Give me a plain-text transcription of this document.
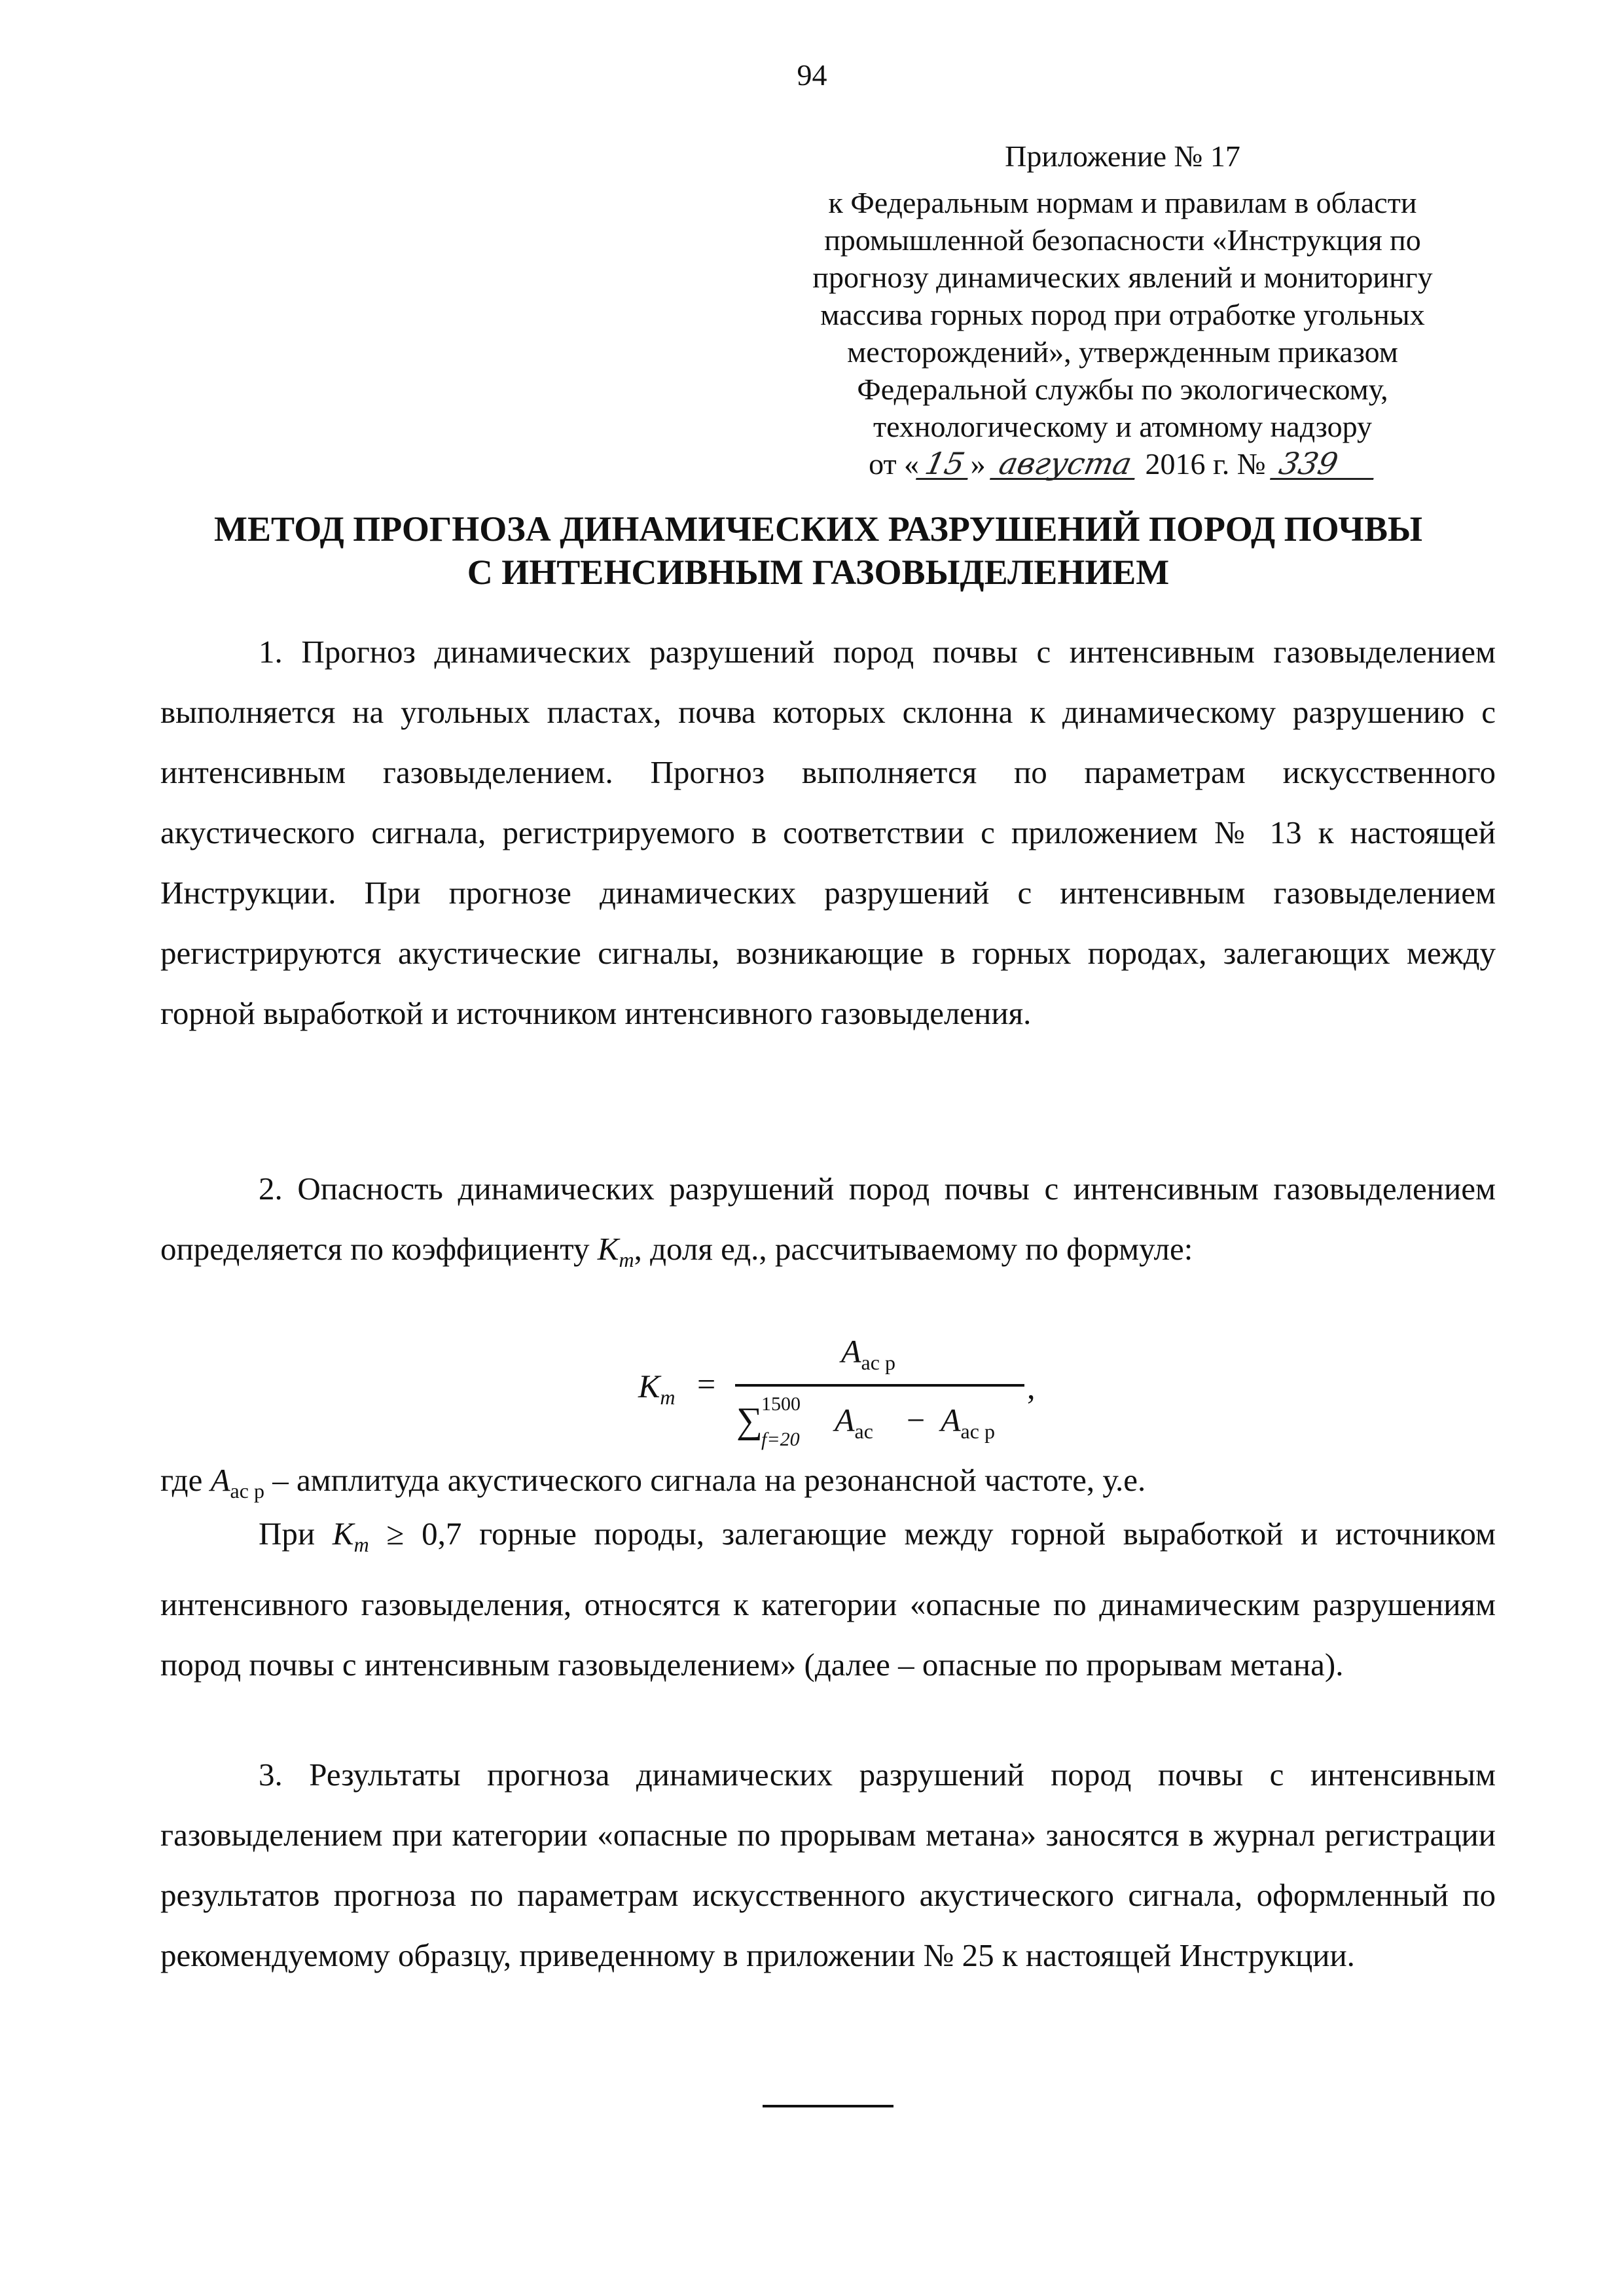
94
Приложение № 17
к Федеральным нормам и правилам в области
промышленной безопасности «Инструкция по
прогнозу динамических явлений и мониторингу
массива горных пород при отработке угольных
месторождений», утвержденным приказом
Федеральной службы по экологическому,
технологическому и атомному надзору
от «15» августа 2016 г. № 339
МЕТОД ПРОГНОЗА ДИНАМИЧЕСКИХ РАЗРУШЕНИЙ ПОРОД ПОЧВЫ
С ИНТЕНСИВНЫМ ГАЗОВЫДЕЛЕНИЕМ

1. Прогноз динамических разрушений пород почвы с интенсивным газовыделением выполняется на угольных пластах, почва которых склонна к динамическому разрушению с интенсивным газовыделением. Прогноз выполняется по параметрам искусственного акустического сигнала, регистрируемого в соответствии с приложением № 13 к настоящей Инструкции. При прогнозе динамических разрушений с интенсивным газовыделением регистрируются акустические сигналы, возникающие в горных породах, залегающих между горной выработкой и источником интенсивного газовыделения.

2. Опасность динамических разрушений пород почвы с интенсивным газовыделением определяется по коэффициенту $K_m$, доля ед., рассчитываемому по формуле:

$K_m$ =
$A_{ас р}$
∑
1500
f=20
$A_{ас} - A_{ас р}$
,

где $A_{ас р}$ – амплитуда акустического сигнала на резонансной частоте, у.е.

При $K_m \ge 0,7$ горные породы, залегающие между горной выработкой и источником интенсивного газовыделения, относятся к категории «опасные по динамическим разрушениям пород почвы с интенсивным газовыделением» (далее – опасные по прорывам метана).

3. Результаты прогноза динамических разрушений пород почвы с интенсивным газовыделением при категории «опасные по прорывам метана» заносятся в журнал регистрации результатов прогноза по параметрам искусственного акустического сигнала, оформленный по рекомендуемому образцу, приведенному в приложении № 25 к настоящей Инструкции.
